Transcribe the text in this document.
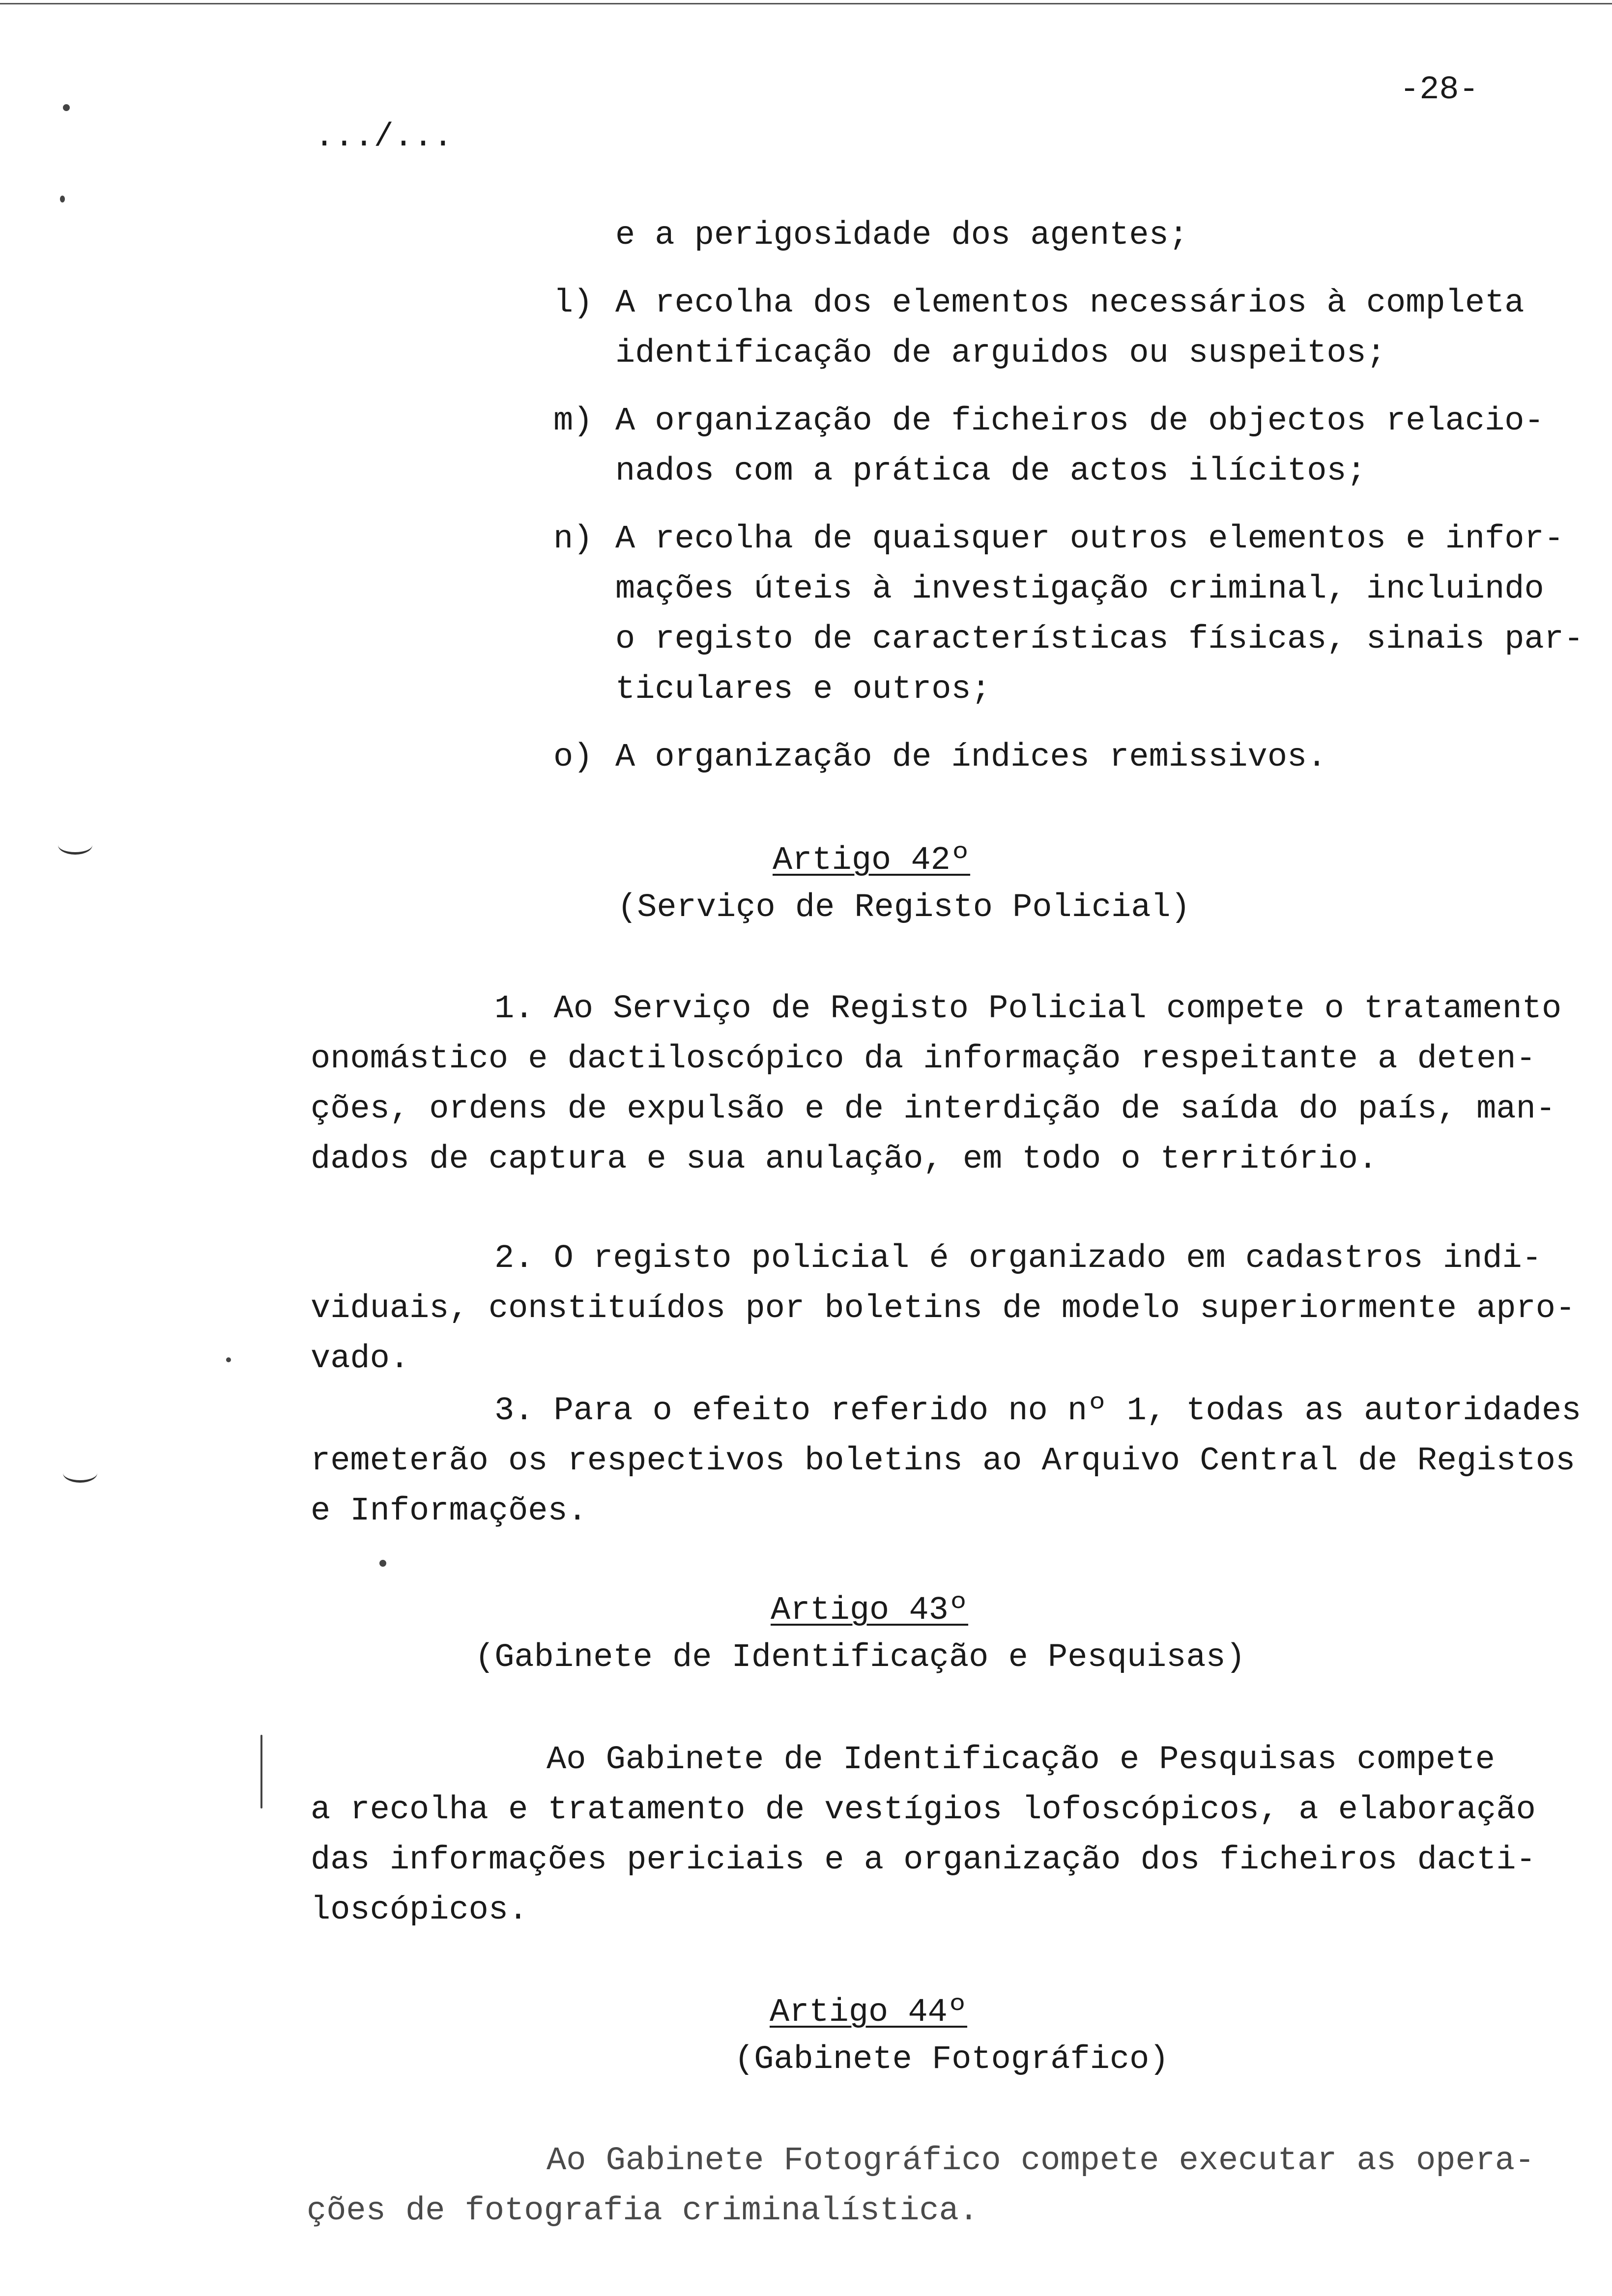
-28-
.../...
e a perigosidade dos agentes;
l) A recolha dos elementos necessários à completa
identificação de arguidos ou suspeitos;
m) A organização de ficheiros de objectos relacio-
nados com a prática de actos ilícitos;
n) A recolha de quaisquer outros elementos e infor-
mações úteis à investigação criminal, incluindo
o registo de características físicas, sinais par-
ticulares e outros;
o) A organização de índices remissivos.
Artigo 42º
(Serviço de Registo Policial)
1. Ao Serviço de Registo Policial compete o tratamento
onomástico e dactiloscópico da informação respeitante a deten-
ções, ordens de expulsão e de interdição de saída do país, man-
dados de captura e sua anulação, em todo o território.
2. O registo policial é organizado em cadastros indi-
viduais, constituídos por boletins de modelo superiormente apro-
vado.
3. Para o efeito referido no nº 1, todas as autoridades
remeterão os respectivos boletins ao Arquivo Central de Registos
e Informações.
Artigo 43º
(Gabinete de Identificação e Pesquisas)
Ao Gabinete de Identificação e Pesquisas compete
a recolha e tratamento de vestígios lofoscópicos, a elaboração
das informações periciais e a organização dos ficheiros dacti-
loscópicos.
Artigo 44º
(Gabinete Fotográfico)
Ao Gabinete Fotográfico compete executar as opera-
ções de fotografia criminalística.
